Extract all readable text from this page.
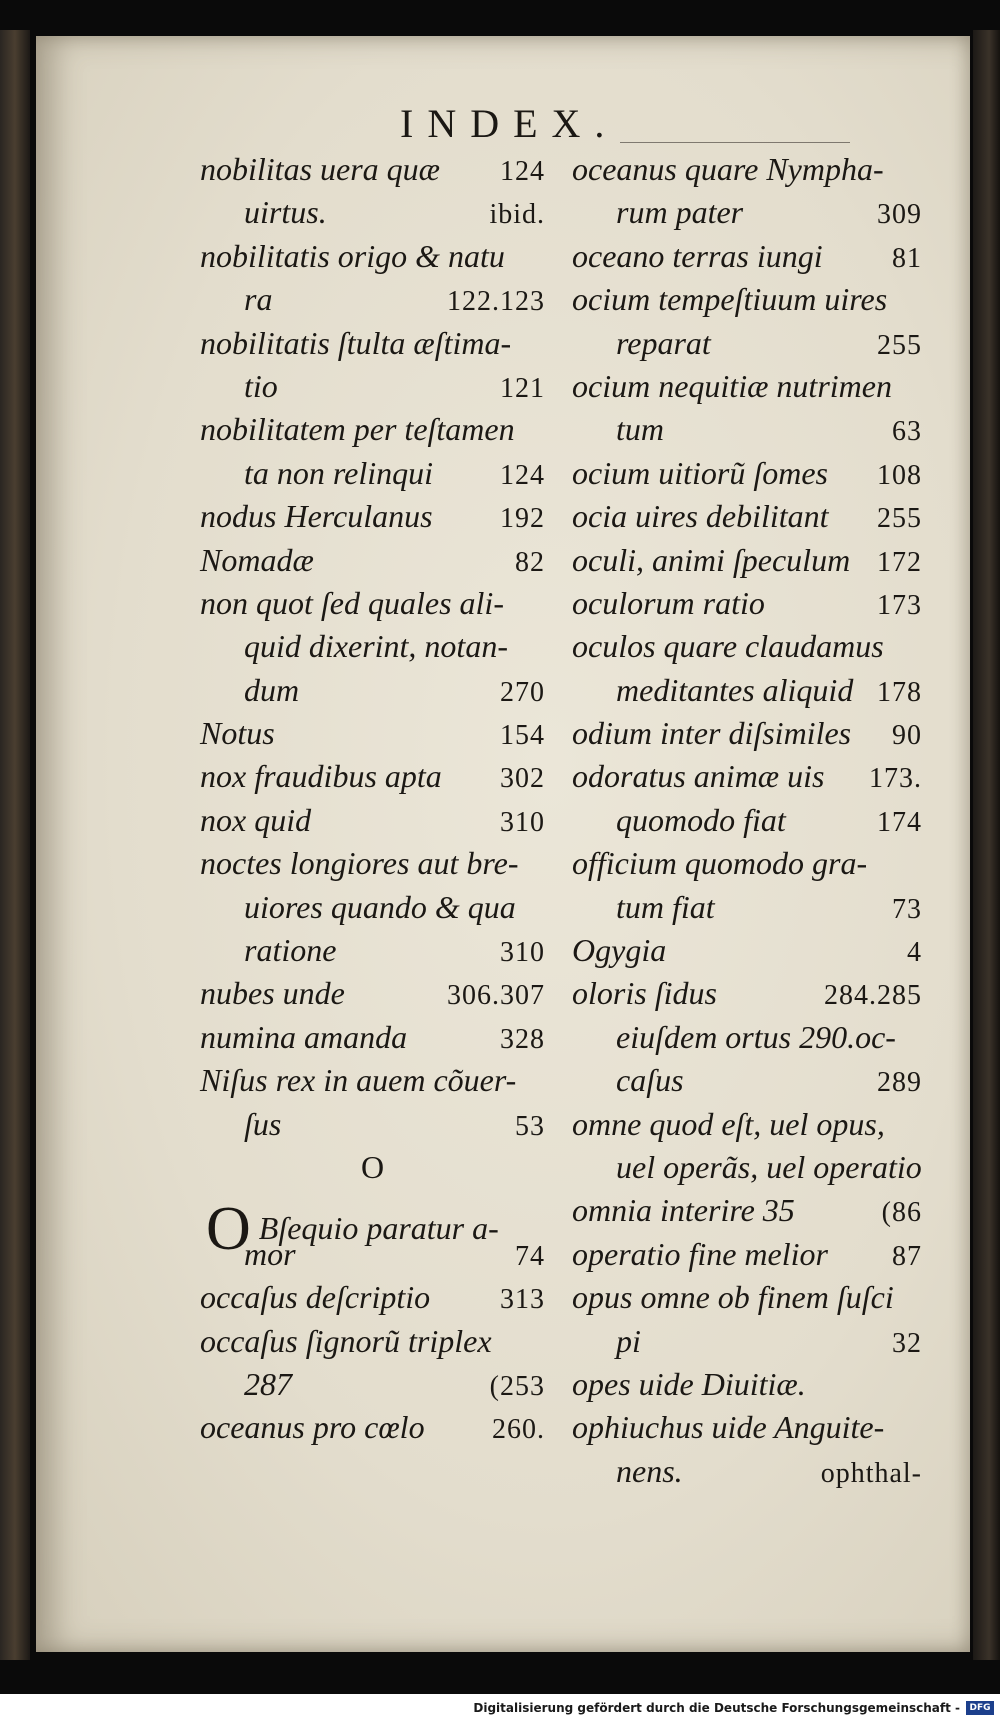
INDEX.
nobilitas uera quæ 124
uirtus.	ibid.
nobilitatis origo & natu
ra	122.123
nobilitatis ſtulta æſtima-
tio	121
nobilitatem per teſtamen
ta non relinqui 124
nodus Herculanus 192
Nomadæ	82
non quot ſed quales ali-
quid dixerint, notan-
dum	270
Notus	154
nox fraudibus apta 302
nox quid	310
noctes longiores aut bre-
uiores quando & qua
ratione	310
nubes unde	306.307
numina amanda	328
Niſus rex in auem cõuer-
ſus	53
O
O Bſequio paratur a-
mor	74
occaſus deſcriptio 313
occaſus ſignorũ triplex
287	(253
oceanus pro cœlo 260.
oceanus quare Nympha-
rum pater	309
oceano terras iungi 81
ocium tempeſtiuum uires
reparat	255
ocium nequitiæ nutrimen
tum	63
ocium uitiorũ ſomes 108
ocia uires debilitant 255
oculi, animi ſpeculum 172
oculorum ratio	173
oculos quare claudamus
meditantes aliquid 178
odium inter diſsimiles 90
odoratus animæ uis 173.
quomodo fiat	174
officium quomodo gra-
tum fiat	73
Ogygia	4
oloris ſidus	284.285
eiuſdem ortus 290.oc-
caſus	289
omne quod eſt, uel opus,
uel operãs, uel operatio
omnia interire 35	(86
operatio fine melior 87
opus omne ob finem ſuſci
pi	32
opes uide Diuitiæ.
ophiuchus uide Anguite-
nens.	ophthal-
Digitalisierung gefördert durch die Deutsche Forschungsgemeinschaft -	DFG
